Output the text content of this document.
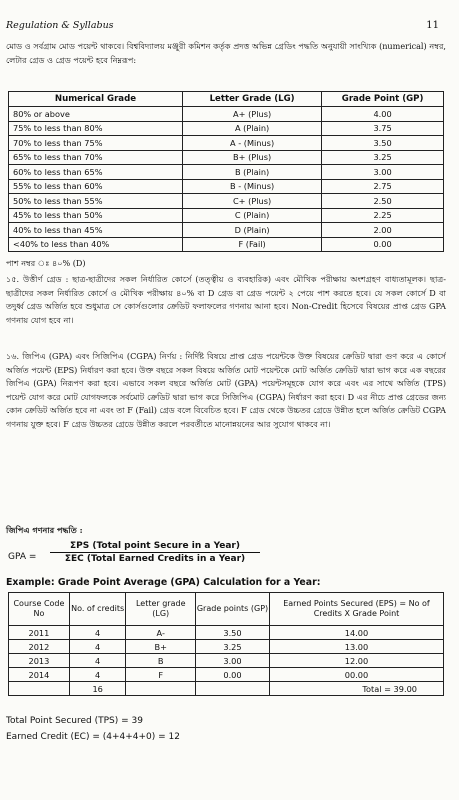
Regulation & Syllabus	11
মোড ও সর্বগ্রাম মোড পয়েন্ট থাকবে। বিশ্ববিদ্যালয় মঞ্জুরী কমিশন কর্তৃক প্রদত্ত অভিন্ন গ্রেডিং পদ্ধতি অনুযায়ী সাংখ্যিক (numerical) নম্বর, লেটার গ্রেড ও গ্রেড পয়েন্ট হবে নিম্নরূপ:
Numerical Grade	Letter Grade (LG)	Grade Point (GP)
80% or above	A+ (Plus)	4.00
75% to less than 80%	A (Plain)	3.75
70% to less than 75%	A - (Minus)	3.50
65% to less than 70%	B+ (Plus)	3.25
60% to less than 65%	B (Plain)	3.00
55% to less than 60%	B - (Minus)	2.75
50% to less than 55%	C+ (Plus)	2.50
45% to less than 50%	C (Plain)	2.25
40% to less than 45%	D (Plain)	2.00
<40% to less than 40%	F (Fail)	0.00
পাশ নম্বর ঃ ৪০% (D)
১৫. উত্তীর্ণ গ্রেড : ছাত্র-ছাত্রীদের সকল নির্ধারিত কোর্সে (তত্ত্বীয় ও ব্যবহারিক) এবং মৌখিক পরীক্ষায় অংশগ্রহণ বাধ্যতামূলক। ছাত্র-ছাত্রীদের সকল নির্ধারিত কোর্সে ও মৌখিক পরীক্ষায় ৪০% বা D গ্রেড বা গ্রেড পয়েন্ট ২ পেয়ে পাশ করতে হবে। যে সকল কোর্সে D বা তদুর্ধ্ব গ্রেড অর্জিত হবে শুধুমাত্র সে কোর্সগুলোর ক্রেডিট ফলাফলের গণনায় আনা হবে। Non-Credit হিসেবে বিষয়ের প্রাপ্ত গ্রেড GPA গণনায় যোগ হবে না।
১৬. জিপিএ (GPA) এবং সিজিপিএ (CGPA) নির্ণয় : নির্দিষ্ট বিষয়ে প্রাপ্ত গ্রেড পয়েন্টকে উক্ত বিষয়ের ক্রেডিট দ্বারা গুণ করে এ কোর্সে অর্জিত পয়েন্ট (EPS) নির্ধারণ করা হবে। উক্ত বছরে সকল বিষয়ে অর্জিত মোট পয়েন্টকে মোট অর্জিত ক্রেডিট দ্বারা ভাগ করে এক বছরের জিপিএ (GPA) নিরূপণ করা হবে। এভাবে সকল বছরে অর্জিত মোট (GPA) পয়েন্টসমূহকে যোগ করে এবং এর সাথে অর্জিত (TPS) পয়েন্ট যোগ করে মোট যোগফলকে সর্বমোট ক্রেডিট দ্বারা ভাগ করে সিজিপিএ (CGPA) নির্ধারণ করা হবে। D এর নীচে প্রাপ্ত গ্রেডের জন্য কোন ক্রেডিট অর্জিত হবে না এবং তা F (Fail) গ্রেড বলে বিবেচিত হবে। F গ্রেড থেকে উচ্চতর গ্রেডে উন্নীত হলে অর্জিত ক্রেডিট CGPA গণনায় যুক্ত হবে। F গ্রেড উচ্চতর গ্রেডে উন্নীত করলে পরবর্তীতে মানোন্নয়নের আর সুযোগ থাকবে না।
জিপিএ গণনার পদ্ধতি :
GPA =
ΣPS (Total point Secure in a Year)
ΣEC (Total Earned Credits in a Year)
Example: Grade Point Average (GPA) Calculation for a Year:
Course Code No	No. of credits	Letter grade (LG)	Grade points (GP)	Earned Points Secured (EPS) = No of Credits X Grade Point
2011	4	A-	3.50	14.00
2012	4	B+	3.25	13.00
2013	4	B	3.00	12.00
2014	4	F	0.00	00.00
	16			Total = 39.00
Total Point Secured (TPS) = 39
Earned Credit (EC) = (4+4+4+0) = 12
